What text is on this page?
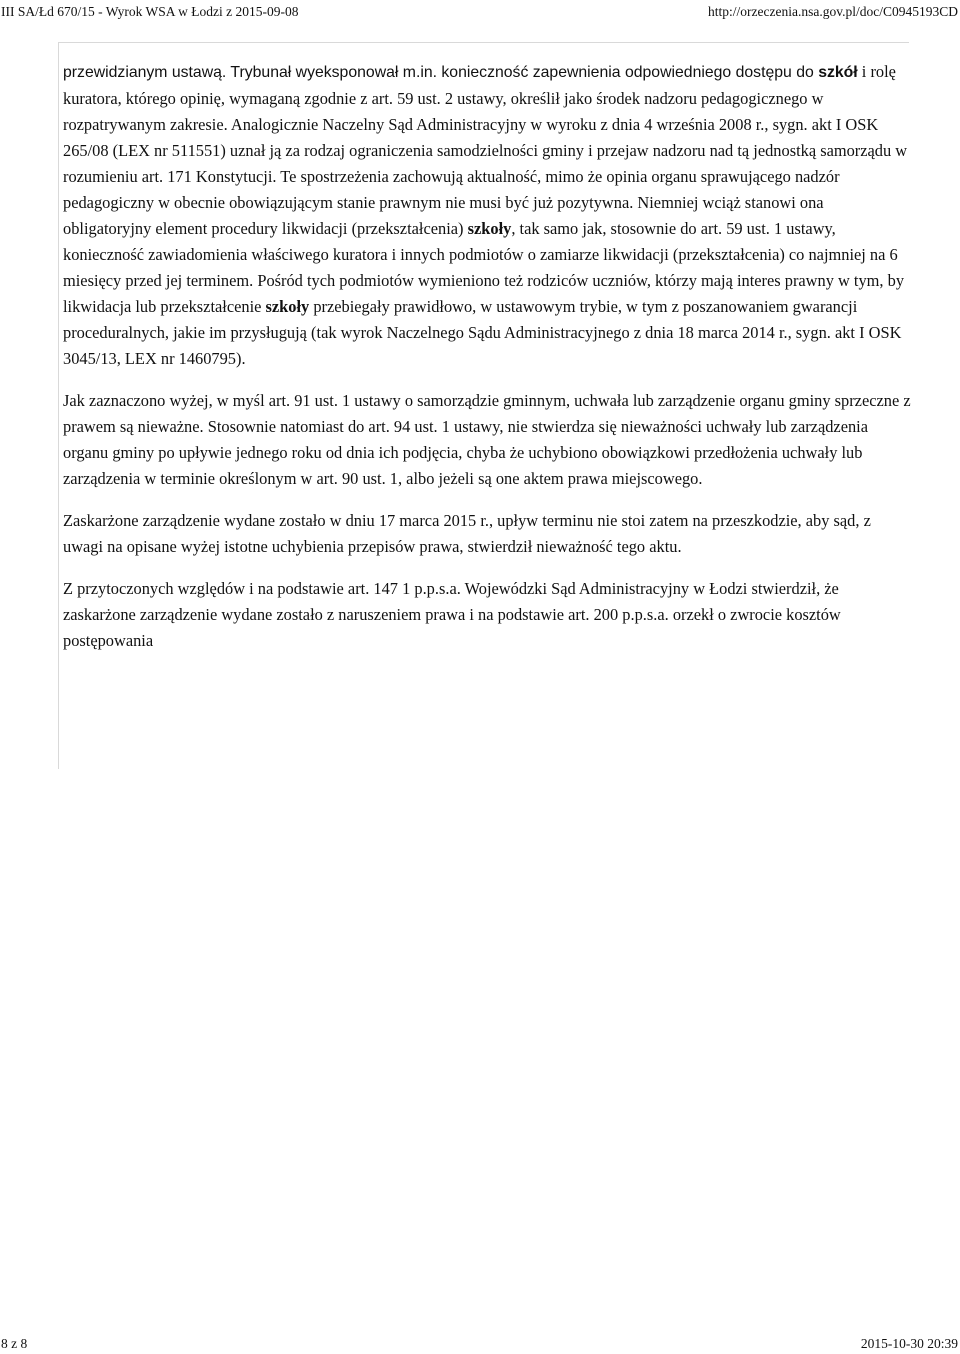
III SA/Łd 670/15 - Wyrok WSA w Łodzi z 2015-09-08	http://orzeczenia.nsa.gov.pl/doc/C0945193CD

przewidzianym ustawą. Trybunał wyeksponował m.in. konieczność zapewnienia odpowiedniego dostępu do szkół i rolę kuratora, którego opinię, wymaganą zgodnie z art. 59 ust. 2 ustawy, określił jako środek nadzoru pedagogicznego w rozpatrywanym zakresie. Analogicznie Naczelny Sąd Administracyjny w wyroku z dnia 4 września 2008 r., sygn. akt I OSK 265/08 (LEX nr 511551) uznał ją za rodzaj ograniczenia samodzielności gminy i przejaw nadzoru nad tą jednostką samorządu w rozumieniu art. 171 Konstytucji. Te spostrzeżenia zachowują aktualność, mimo że opinia organu sprawującego nadzór pedagogiczny w obecnie obowiązującym stanie prawnym nie musi być już pozytywna. Niemniej wciąż stanowi ona obligatoryjny element procedury likwidacji (przekształcenia) szkoły, tak samo jak, stosownie do art. 59 ust. 1 ustawy, konieczność zawiadomienia właściwego kuratora i innych podmiotów o zamiarze likwidacji (przekształcenia) co najmniej na 6 miesięcy przed jej terminem. Pośród tych podmiotów wymieniono też rodziców uczniów, którzy mają interes prawny w tym, by likwidacja lub przekształcenie szkoły przebiegały prawidłowo, w ustawowym trybie, w tym z poszanowaniem gwarancji proceduralnych, jakie im przysługują (tak wyrok Naczelnego Sądu Administracyjnego z dnia 18 marca 2014 r., sygn. akt I OSK 3045/13, LEX nr 1460795).

Jak zaznaczono wyżej, w myśl art. 91 ust. 1 ustawy o samorządzie gminnym, uchwała lub zarządzenie organu gminy sprzeczne z prawem są nieważne. Stosownie natomiast do art. 94 ust. 1 ustawy, nie stwierdza się nieważności uchwały lub zarządzenia organu gminy po upływie jednego roku od dnia ich podjęcia, chyba że uchybiono obowiązkowi przedłożenia uchwały lub zarządzenia w terminie określonym w art. 90 ust. 1, albo jeżeli są one aktem prawa miejscowego.

Zaskarżone zarządzenie wydane zostało w dniu 17 marca 2015 r., upływ terminu nie stoi zatem na przeszkodzie, aby sąd, z uwagi na opisane wyżej istotne uchybienia przepisów prawa, stwierdził nieważność tego aktu.

Z przytoczonych względów i na podstawie art. 147 1 p.p.s.a. Wojewódzki Sąd Administracyjny w Łodzi stwierdził, że zaskarżone zarządzenie wydane zostało z naruszeniem prawa i na podstawie art. 200 p.p.s.a. orzekł o zwrocie kosztów postępowania

8 z 8	2015-10-30 20:39
